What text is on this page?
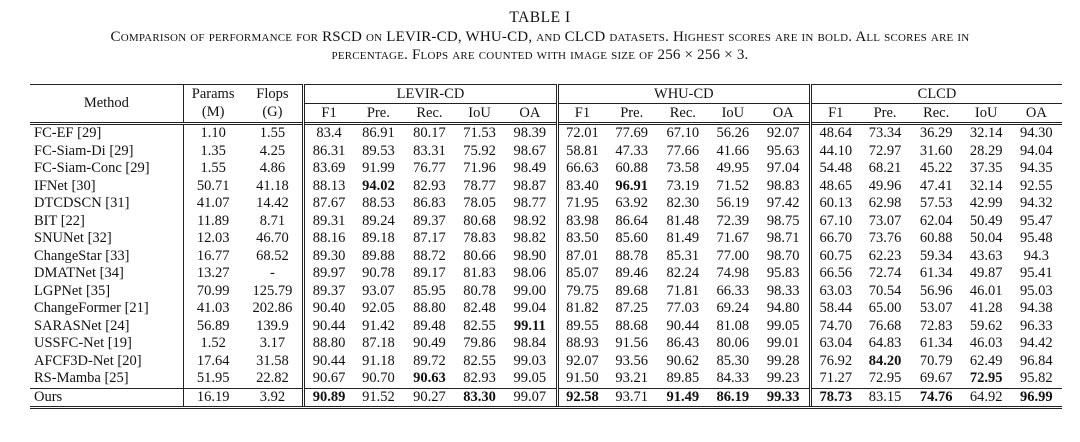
TABLE I
Comparison of performance for RSCD on LEVIR-CD, WHU-CD, and CLCD datasets. Highest scores are in bold. All scores are in
percentage. Flops are counted with image size of 256 × 256 × 3.
Method	Params	Flops	LEVIR-CD					WHU-CD					CLCD				
	(M)	(G)	F1	Pre.	Rec.	IoU	OA	F1	Pre.	Rec.	IoU	OA	F1	Pre.	Rec.	IoU	OA
FC-EF [29]	1.10	1.55	83.4	86.91	80.17	71.53	98.39	72.01	77.69	67.10	56.26	92.07	48.64	73.34	36.29	32.14	94.30
FC-Siam-Di [29]	1.35	4.25	86.31	89.53	83.31	75.92	98.67	58.81	47.33	77.66	41.66	95.63	44.10	72.97	31.60	28.29	94.04
FC-Siam-Conc [29]	1.55	4.86	83.69	91.99	76.77	71.96	98.49	66.63	60.88	73.58	49.95	97.04	54.48	68.21	45.22	37.35	94.35
IFNet [30]	50.71	41.18	88.13	94.02	82.93	78.77	98.87	83.40	96.91	73.19	71.52	98.83	48.65	49.96	47.41	32.14	92.55
DTCDSCN [31]	41.07	14.42	87.67	88.53	86.83	78.05	98.77	71.95	63.92	82.30	56.19	97.42	60.13	62.98	57.53	42.99	94.32
BIT [22]	11.89	8.71	89.31	89.24	89.37	80.68	98.92	83.98	86.64	81.48	72.39	98.75	67.10	73.07	62.04	50.49	95.47
SNUNet [32]	12.03	46.70	88.16	89.18	87.17	78.83	98.82	83.50	85.60	81.49	71.67	98.71	66.70	73.76	60.88	50.04	95.48
ChangeStar [33]	16.77	68.52	89.30	89.88	88.72	80.66	98.90	87.01	88.78	85.31	77.00	98.70	60.75	62.23	59.34	43.63	94.3
DMATNet [34]	13.27	-	89.97	90.78	89.17	81.83	98.06	85.07	89.46	82.24	74.98	95.83	66.56	72.74	61.34	49.87	95.41
LGPNet [35]	70.99	125.79	89.37	93.07	85.95	80.78	99.00	79.75	89.68	71.81	66.33	98.33	63.03	70.54	56.96	46.01	95.03
ChangeFormer [21]	41.03	202.86	90.40	92.05	88.80	82.48	99.04	81.82	87.25	77.03	69.24	94.80	58.44	65.00	53.07	41.28	94.38
SARASNet [24]	56.89	139.9	90.44	91.42	89.48	82.55	99.11	89.55	88.68	90.44	81.08	99.05	74.70	76.68	72.83	59.62	96.33
USSFC-Net [19]	1.52	3.17	88.80	87.18	90.49	79.86	98.84	88.93	91.56	86.43	80.06	99.01	63.04	64.83	61.34	46.03	94.42
AFCF3D-Net [20]	17.64	31.58	90.44	91.18	89.72	82.55	99.03	92.07	93.56	90.62	85.30	99.28	76.92	84.20	70.79	62.49	96.84
RS-Mamba [25]	51.95	22.82	90.67	90.70	90.63	82.93	99.05	91.50	93.21	89.85	84.33	99.23	71.27	72.95	69.67	72.95	95.82
Ours	16.19	3.92	90.89	91.52	90.27	83.30	99.07	92.58	93.71	91.49	86.19	99.33	78.73	83.15	74.76	64.92	96.99
